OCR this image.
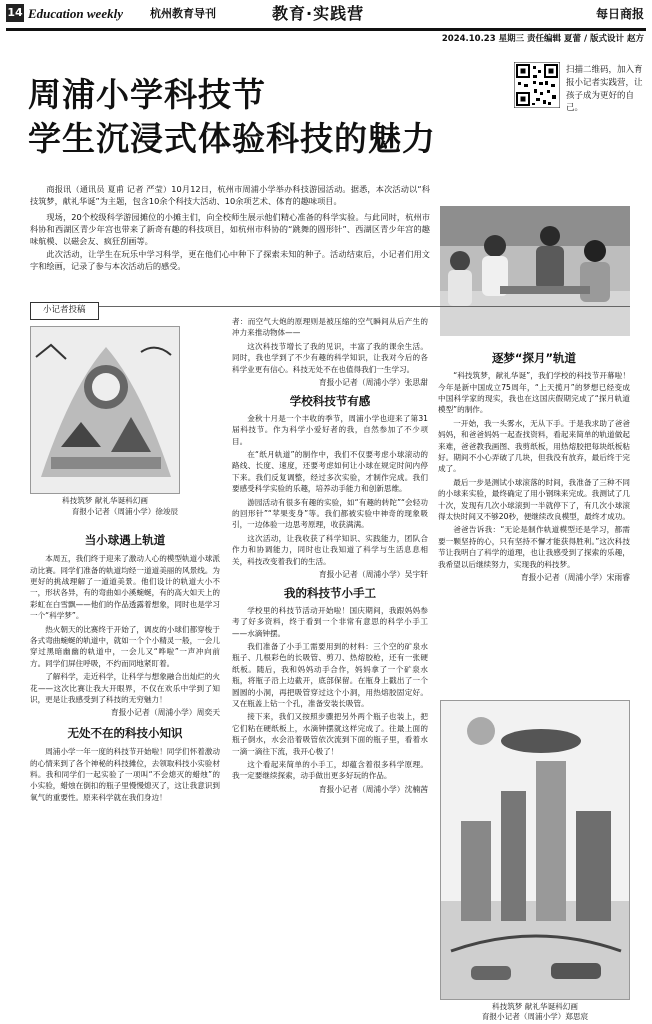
14 Education weekly 杭州教育导刊	教育·实践营	每日商报
2024.10.23 星期三 责任编辑 夏蕾 / 版式设计 赵方
扫描二维码，加入育报小记者实践营，让孩子成为更好的自己。
周浦小学科技节
学生沉浸式体验科技的魅力

商报讯（通讯员 夏甫 记者 严莹）10月12日，杭州市周浦小学举办科技游园活动。据悉，本次活动以“科技筑梦，献礼华诞”为主题，包含10余个科技大活动、10余项艺术、体育的趣味项目。

现场，20个校级科学游园摊位的小摊主们，向全校师生展示他们精心准备的科学实验。与此同时，杭州市科协和西湖区青少年宫也带来了新奇有趣的科技项目，如杭州市科协的“跳舞的圆形针”、西湖区青少年宫的趣味航模、以磁会友、疯狂刮画等。

此次活动，让学生在玩乐中学习科学，更在他们心中种下了探索未知的种子。活动结束后，小记者们用文字和绘画，记录了参与本次活动后的感受。

小记者投稿
科技筑梦 献礼华诞科幻画
育报小记者（周浦小学）徐竣辰
当小球遇上轨道

本周五，我们终于迎来了激动人心的模型轨道小球派动比赛。同学们准备的轨道均经一道道美丽的风景线。为更好的挑战理解了一道道美景。他们设计的轨道大小不一，形状各异，有的弯曲如小溪蜿蜒，有的高大如天上的彩虹在白雪飘——他们的作品透露着想象，同时也是学习一个“科学梦”。

热火朝天的比赛终于开始了，调皮的小球们都穿梭于各式弯曲蜿蜒的轨道中，就如一个个小精灵一般，一会儿穿过黑暗幽幽的轨道中，一会儿又“哗啦”一声冲向前方。同学们屏住呼吸，不约而同地紧盯着。

了解科学，走近科学，让科学与想象融合出灿烂的火花——这次比赛让我大开眼界，不仅在欢乐中学到了知识，更是让我感受到了科技的无穷魅力！

育报小记者（周浦小学）周奕天
无处不在的科技小知识

周浦小学一年一度的科技节开始啦！同学们怀着激动的心情来到了各个神秘的科技摊位，去领取科技小实验材料。我和同学们一起实验了一项叫“不会熄灭的蜡烛”的小实验，蜡烛在倒扣的瓶子里慢慢熄灭了，这让我意识到氧气的重要性。原来科学就在我们身边！

者：而空气大炮的原理则是被压缩的空气瞬间从后产生的冲力来推动物体——

这次科技节增长了我的见识，丰富了我的课余生活。同时，我也学到了不少有趣的科学知识，让我对今后的各科学业更有信心。科技无处不在也值得我们一生学习。

育报小记者（周浦小学）张思甜
学校科技节有感

金秋十月是一个丰收的季节，周浦小学也迎来了第31届科技节。作为科学小爱好者的我，自然参加了不少项目。

在“纸月轨道”的制作中，我们不仅要考虑小球滚动的路线、长度、速度，还要考虑如何让小球在规定时间内停下来。我们反复调整，经过多次实验，才制作完成。我们要感受科学实验的乐趣，培养动手能力和创新思维。

游园活动有很多有趣的实验，如“有趣的转陀”“会轻功的回形针”“苹果变身”等。我们都被实验中神奇的现象吸引，一边体验一边思考原理，收获满满。

这次活动，让我收获了科学知识、实践能力，团队合作力和协调能力，同时也让我知道了科学与生活息息相关，科技改变着我们的生活。

育报小记者（周浦小学）吴宇轩
我的科技节小手工

学校里的科技节活动开始啦！国庆期间，我跟妈妈参考了好多资料，终于看到一个非常有意思的科学小手工——水滴钟摆。

我们准备了小手工需要用到的材料：三个空的矿泉水瓶子、几根彩色的长吸管、剪刀、热熔胶枪，还有一张硬纸板。随后，我和妈妈动手合作，妈妈拿了一个矿泉水瓶，将瓶子沿上边截开，底部保留。在瓶身上戳出了一个圆圆的小洞，再把吸管穿过这个小洞，用热熔胶固定好。又在瓶盖上钻一个孔，准备安装长吸管。

接下来，我们又按照步骤把另外两个瓶子也装上，把它们粘在硬纸板上，水滴钟摆就这样完成了。往最上面的瓶子倒水，水会沿着吸管依次流到下面的瓶子里，看着水一滴一滴往下流，我开心极了！

这个看起来简单的小手工，却蕴含着很多科学原理。我一定要继续探索，动手做出更多好玩的作品。

育报小记者（周浦小学）沈楠茜
逐梦“探月”轨道

“科技筑梦，献礼华诞”，我们学校的科技节开幕啦！今年是新中国成立75周年，“上天揽月”的梦想已经变成中国科学家的现实，我也在这国庆假期完成了“探月轨道模型”的制作。

一开始，我一头雾水，无从下手。于是我求助了爸爸妈妈，和爸爸妈妈一起查找资料，看起来简单的轨道做起来难，爸爸教我画图、我剪纸板，用热熔胶把每块纸板粘好。期间不小心弄破了几块，但我没有放弃，最后终于完成了。

最后一步是测试小球滚落的时间，我准备了三种不同的小球来实验，最终确定了用小钢珠来完成。我测试了几十次，发现有几次小球滚到一半就停下了，有几次小球滚得太快时间又不够20秒，便继续改良模型，最终才成功。

爸爸告诉我：“无论是制作轨道模型还是学习，都需要一颗坚持的心，只有坚持不懈才能获得胜利。”这次科技节让我明白了科学的道理，也让我感受到了探索的乐趣，我希望以后继续努力，实现我的科技梦。

育报小记者（周浦小学）宋雨睿
科技筑梦 献礼华诞科幻画
育报小记者（周浦小学）郑思宸
